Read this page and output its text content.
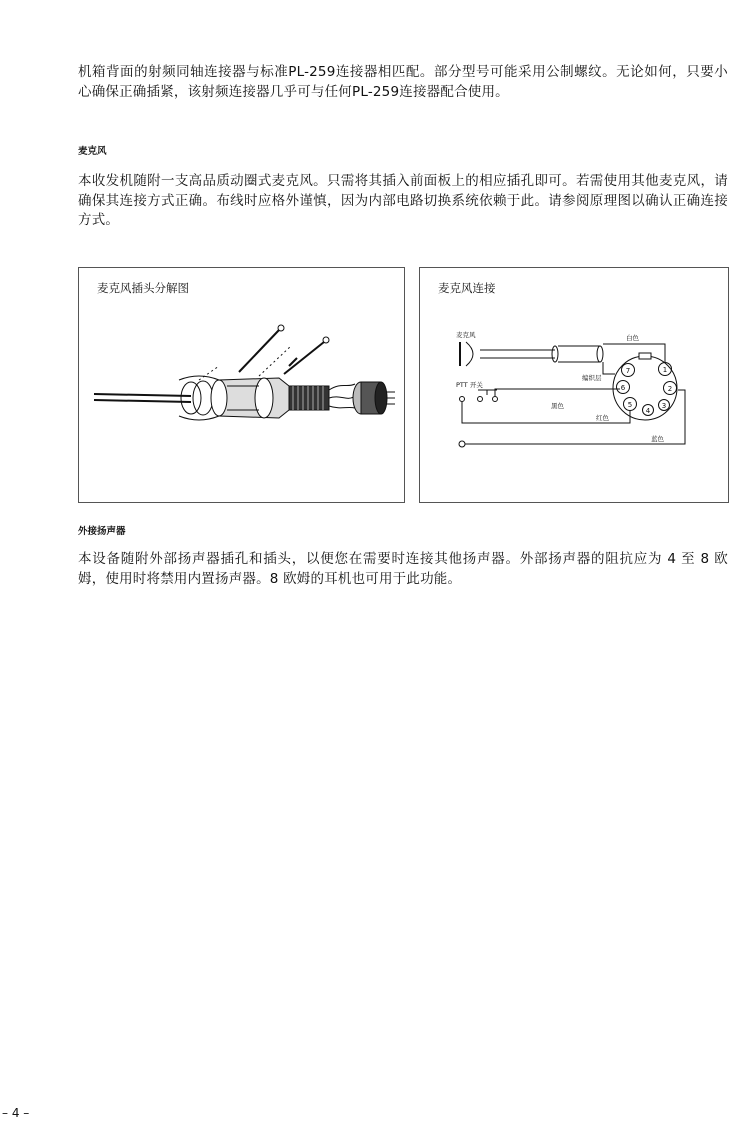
机箱背面的射频同轴连接器与标准PL-259连接器相匹配。部分型号可能采用公制螺纹。无论如何，只要小心确保正确插紧，该射频连接器几乎可与任何PL-259连接器配合使用。

麦克风

本收发机随附一支高品质动圈式麦克风。只需将其插入前面板上的相应插孔即可。若需使用其他麦克风，请确保其连接方式正确。布线时应格外谨慎，因为内部电路切换系统依赖于此。请参阅原理图以确认正确连接方式。

麦克风插头分解图	麦克风连接
麦克风
PTT 开关
白色
编织层
黑色
红色
蓝色
1
2
3
4
5
6
7

外接扬声器

本设备随附外部扬声器插孔和插头，以便您在需要时连接其他扬声器。外部扬声器的阻抗应为 4 至 8 欧姆，使用时将禁用内置扬声器。8 欧姆的耳机也可用于此功能。

– 4 –
